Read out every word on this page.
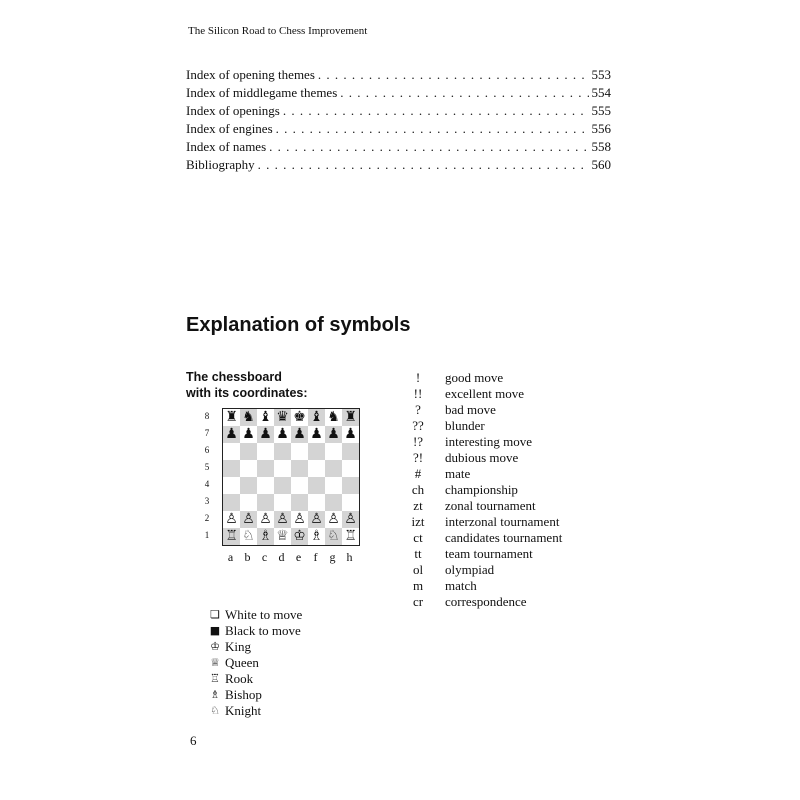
The Silicon Road to Chess Improvement
Index of opening themes . . .	553
Index of middlegame themes . . .	554
Index of openings . . .	555
Index of engines . . .	556
Index of names . . .	558
Bibliography . . .	560
Explanation of symbols
The chessboard
with its coordinates:
8
7
6
5
4
3
2
1
♜ ♞ ♝ ♛ ♚ ♝ ♞ ♜
♟ ♟ ♟ ♟ ♟ ♟ ♟ ♟
♙ ♙ ♙ ♙ ♙ ♙ ♙ ♙
♖ ♘ ♗ ♕ ♔ ♗ ♘ ♖
a b c d e	f	g h
❏ White to move
■ Black to move
♔ King
♕ Queen
♖ Rook
♗ Bishop
♘ Knight
!	good move
!!	excellent move
?	bad move
??	blunder
!?	interesting move
?!	dubious move
#	mate
ch	championship
zt	zonal tournament
izt	interzonal tournament
ct	candidates tournament
tt	team tournament
ol	olympiad
m	match
cr	correspondence
6
